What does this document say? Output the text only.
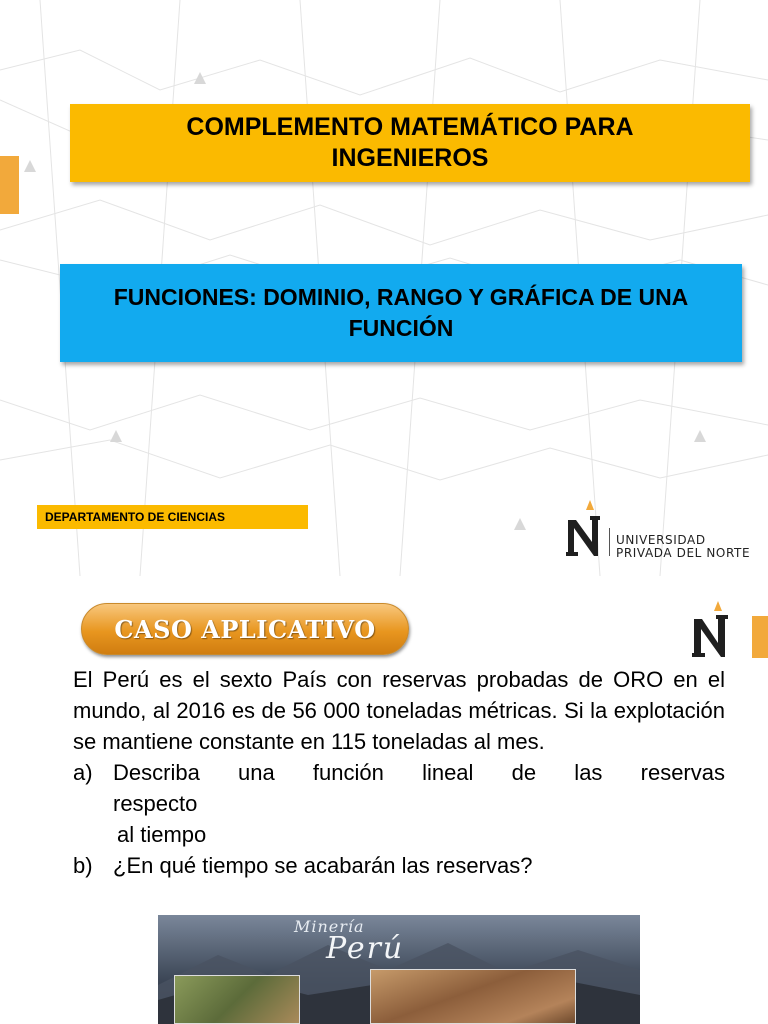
COMPLEMENTO MATEMÁTICO PARA INGENIEROS
FUNCIONES: DOMINIO, RANGO Y GRÁFICA DE UNA FUNCIÓN
DEPARTAMENTO DE CIENCIAS
UNIVERSIDAD
PRIVADA DEL NORTE
CASO APLICATIVO
El Perú es el sexto País con reservas probadas de ORO en el mundo, al 2016 es de 56 000 toneladas métricas. Si la explotación se mantiene constante en 115 toneladas al mes.
a) Describa una función lineal de las reservas
respecto
al tiempo
b) ¿En qué tiempo se acabarán las reservas?
Minería
Perú
